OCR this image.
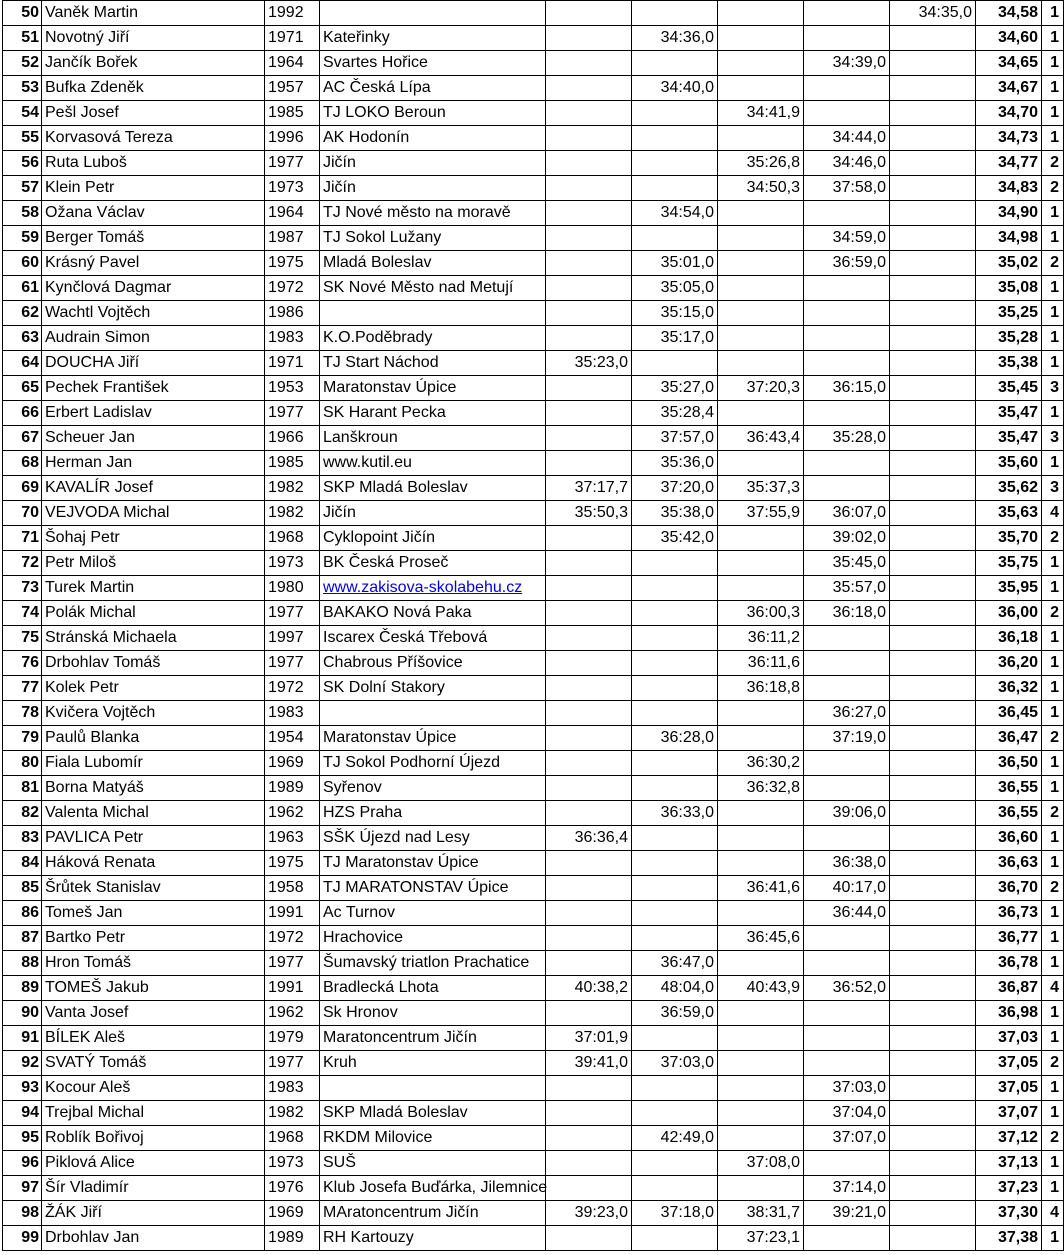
50	Vaněk Martin	1992						34:35,0	34,58	1
51	Novotný Jiří	1971	Kateřinky		34:36,0				34,60	1
52	Jančík Bořek	1964	Svartes Hořice				34:39,0		34,65	1
53	Bufka Zdeněk	1957	AC Česká Lípa		34:40,0				34,67	1
54	Pešl Josef	1985	TJ LOKO Beroun			34:41,9			34,70	1
55	Korvasová Tereza	1996	AK Hodonín				34:44,0		34,73	1
56	Ruta Luboš	1977	Jičín			35:26,8	34:46,0		34,77	2
57	Klein Petr	1973	Jičín			34:50,3	37:58,0		34,83	2
58	Ožana Václav	1964	TJ Nové město na moravě		34:54,0				34,90	1
59	Berger Tomáš	1987	TJ Sokol Lužany				34:59,0		34,98	1
60	Krásný Pavel	1975	Mladá Boleslav		35:01,0		36:59,0		35,02	2
61	Kynčlová Dagmar	1972	SK Nové Město nad Metují		35:05,0				35,08	1
62	Wachtl Vojtěch	1986			35:15,0				35,25	1
63	Audrain Simon	1983	K.O.Poděbrady		35:17,0				35,28	1
64	DOUCHA Jiří	1971	TJ Start Náchod	35:23,0					35,38	1
65	Pechek František	1953	Maratonstav Úpice		35:27,0	37:20,3	36:15,0		35,45	3
66	Erbert Ladislav	1977	SK Harant Pecka		35:28,4				35,47	1
67	Scheuer Jan	1966	Lanškroun		37:57,0	36:43,4	35:28,0		35,47	3
68	Herman Jan	1985	www.kutil.eu		35:36,0				35,60	1
69	KAVALÍR Josef	1982	SKP Mladá Boleslav	37:17,7	37:20,0	35:37,3			35,62	3
70	VEJVODA Michal	1982	Jičín	35:50,3	35:38,0	37:55,9	36:07,0		35,63	4
71	Šohaj Petr	1968	Cyklopoint Jičín		35:42,0		39:02,0		35,70	2
72	Petr Miloš	1973	BK Česká Proseč				35:45,0		35,75	1
73	Turek Martin	1980	www.zakisova-skolabehu.cz				35:57,0		35,95	1
74	Polák Michal	1977	BAKAKO Nová Paka			36:00,3	36:18,0		36,00	2
75	Stránská Michaela	1997	Iscarex Česká Třebová			36:11,2			36,18	1
76	Drbohlav Tomáš	1977	Chabrous Příšovice			36:11,6			36,20	1
77	Kolek Petr	1972	SK Dolní Stakory			36:18,8			36,32	1
78	Kvičera Vojtěch	1983					36:27,0		36,45	1
79	Paulů Blanka	1954	Maratonstav Úpice		36:28,0		37:19,0		36,47	2
80	Fiala Lubomír	1969	TJ Sokol Podhorní Újezd			36:30,2			36,50	1
81	Borna Matyáš	1989	Syřenov			36:32,8			36,55	1
82	Valenta Michal	1962	HZS Praha		36:33,0		39:06,0		36,55	2
83	PAVLICA Petr	1963	SŠK Újezd nad Lesy	36:36,4					36,60	1
84	Háková Renata	1975	TJ Maratonstav Úpice				36:38,0		36,63	1
85	Šrůtek Stanislav	1958	TJ MARATONSTAV Úpice			36:41,6	40:17,0		36,70	2
86	Tomeš Jan	1991	Ac Turnov				36:44,0		36,73	1
87	Bartko Petr	1972	Hrachovice			36:45,6			36,77	1
88	Hron Tomáš	1977	Šumavský triatlon Prachatice		36:47,0				36,78	1
89	TOMEŠ Jakub	1991	Bradlecká Lhota	40:38,2	48:04,0	40:43,9	36:52,0		36,87	4
90	Vanta Josef	1962	Sk Hronov		36:59,0				36,98	1
91	BÍLEK Aleš	1979	Maratoncentrum Jičín	37:01,9					37,03	1
92	SVATÝ Tomáš	1977	Kruh	39:41,0	37:03,0				37,05	2
93	Kocour Aleš	1983					37:03,0		37,05	1
94	Trejbal Michal	1982	SKP Mladá Boleslav				37:04,0		37,07	1
95	Roblík Bořivoj	1968	RKDM Milovice		42:49,0		37:07,0		37,12	2
96	Piklová Alice	1973	SUŠ			37:08,0			37,13	1
97	Šír Vladimír	1976	Klub Josefa Buďárka, Jilemnice				37:14,0		37,23	1
98	ŽÁK Jiří	1969	MAratoncentrum Jičín	39:23,0	37:18,0	38:31,7	39:21,0		37,30	4
99	Drbohlav Jan	1989	RH Kartouzy			37:23,1			37,38	1
